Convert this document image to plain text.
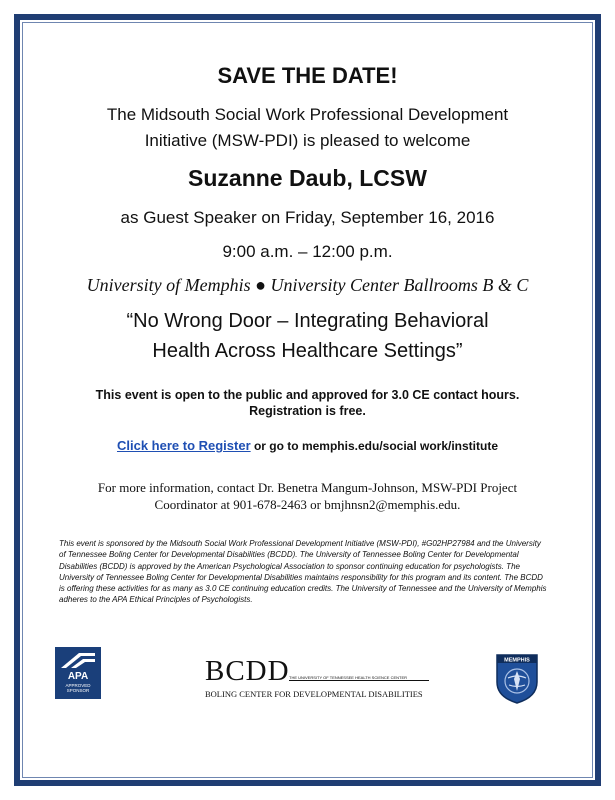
SAVE THE DATE!
The Midsouth Social Work Professional Development
Initiative (MSW-PDI) is pleased to welcome
Suzanne Daub, LCSW
as Guest Speaker on Friday, September 16, 2016
9:00 a.m. – 12:00 p.m.
University of Memphis ● University Center Ballrooms B & C
“No Wrong Door – Integrating Behavioral
Health Across Healthcare Settings”
This event is open to the public and approved for 3.0 CE contact hours.
Registration is free.
Click here to Register or go to memphis.edu/social work/institute
For more information, contact Dr. Benetra Mangum-Johnson, MSW-PDI Project
Coordinator at 901-678-2463 or bmjhnsn2@memphis.edu.
This event is sponsored by the Midsouth Social Work Professional Development Initiative (MSW-PDI), #G02HP27984 and the University of Tennessee Boling Center for Developmental Disabilities (BCDD). The University of Tennessee Boling Center for Developmental Disabilities (BCDD) is approved by the American Psychological Association to sponsor continuing education for psychologists. The University of Tennessee Boling Center for Developmental Disabilities maintains responsibility for this program and its content. The BCDD is offering these activities for as many as 3.0 CE continuing education credits. The University of Tennessee and the University of Memphis adheres to the APA Ethical Principles of Psychologists.
APA
APPROVED SPONSOR
BCDD THE UNIVERSITY OF TENNESSEE HEALTH SCIENCE CENTER
BOLING CENTER FOR DEVELOPMENTAL DISABILITIES
MEMPHIS
